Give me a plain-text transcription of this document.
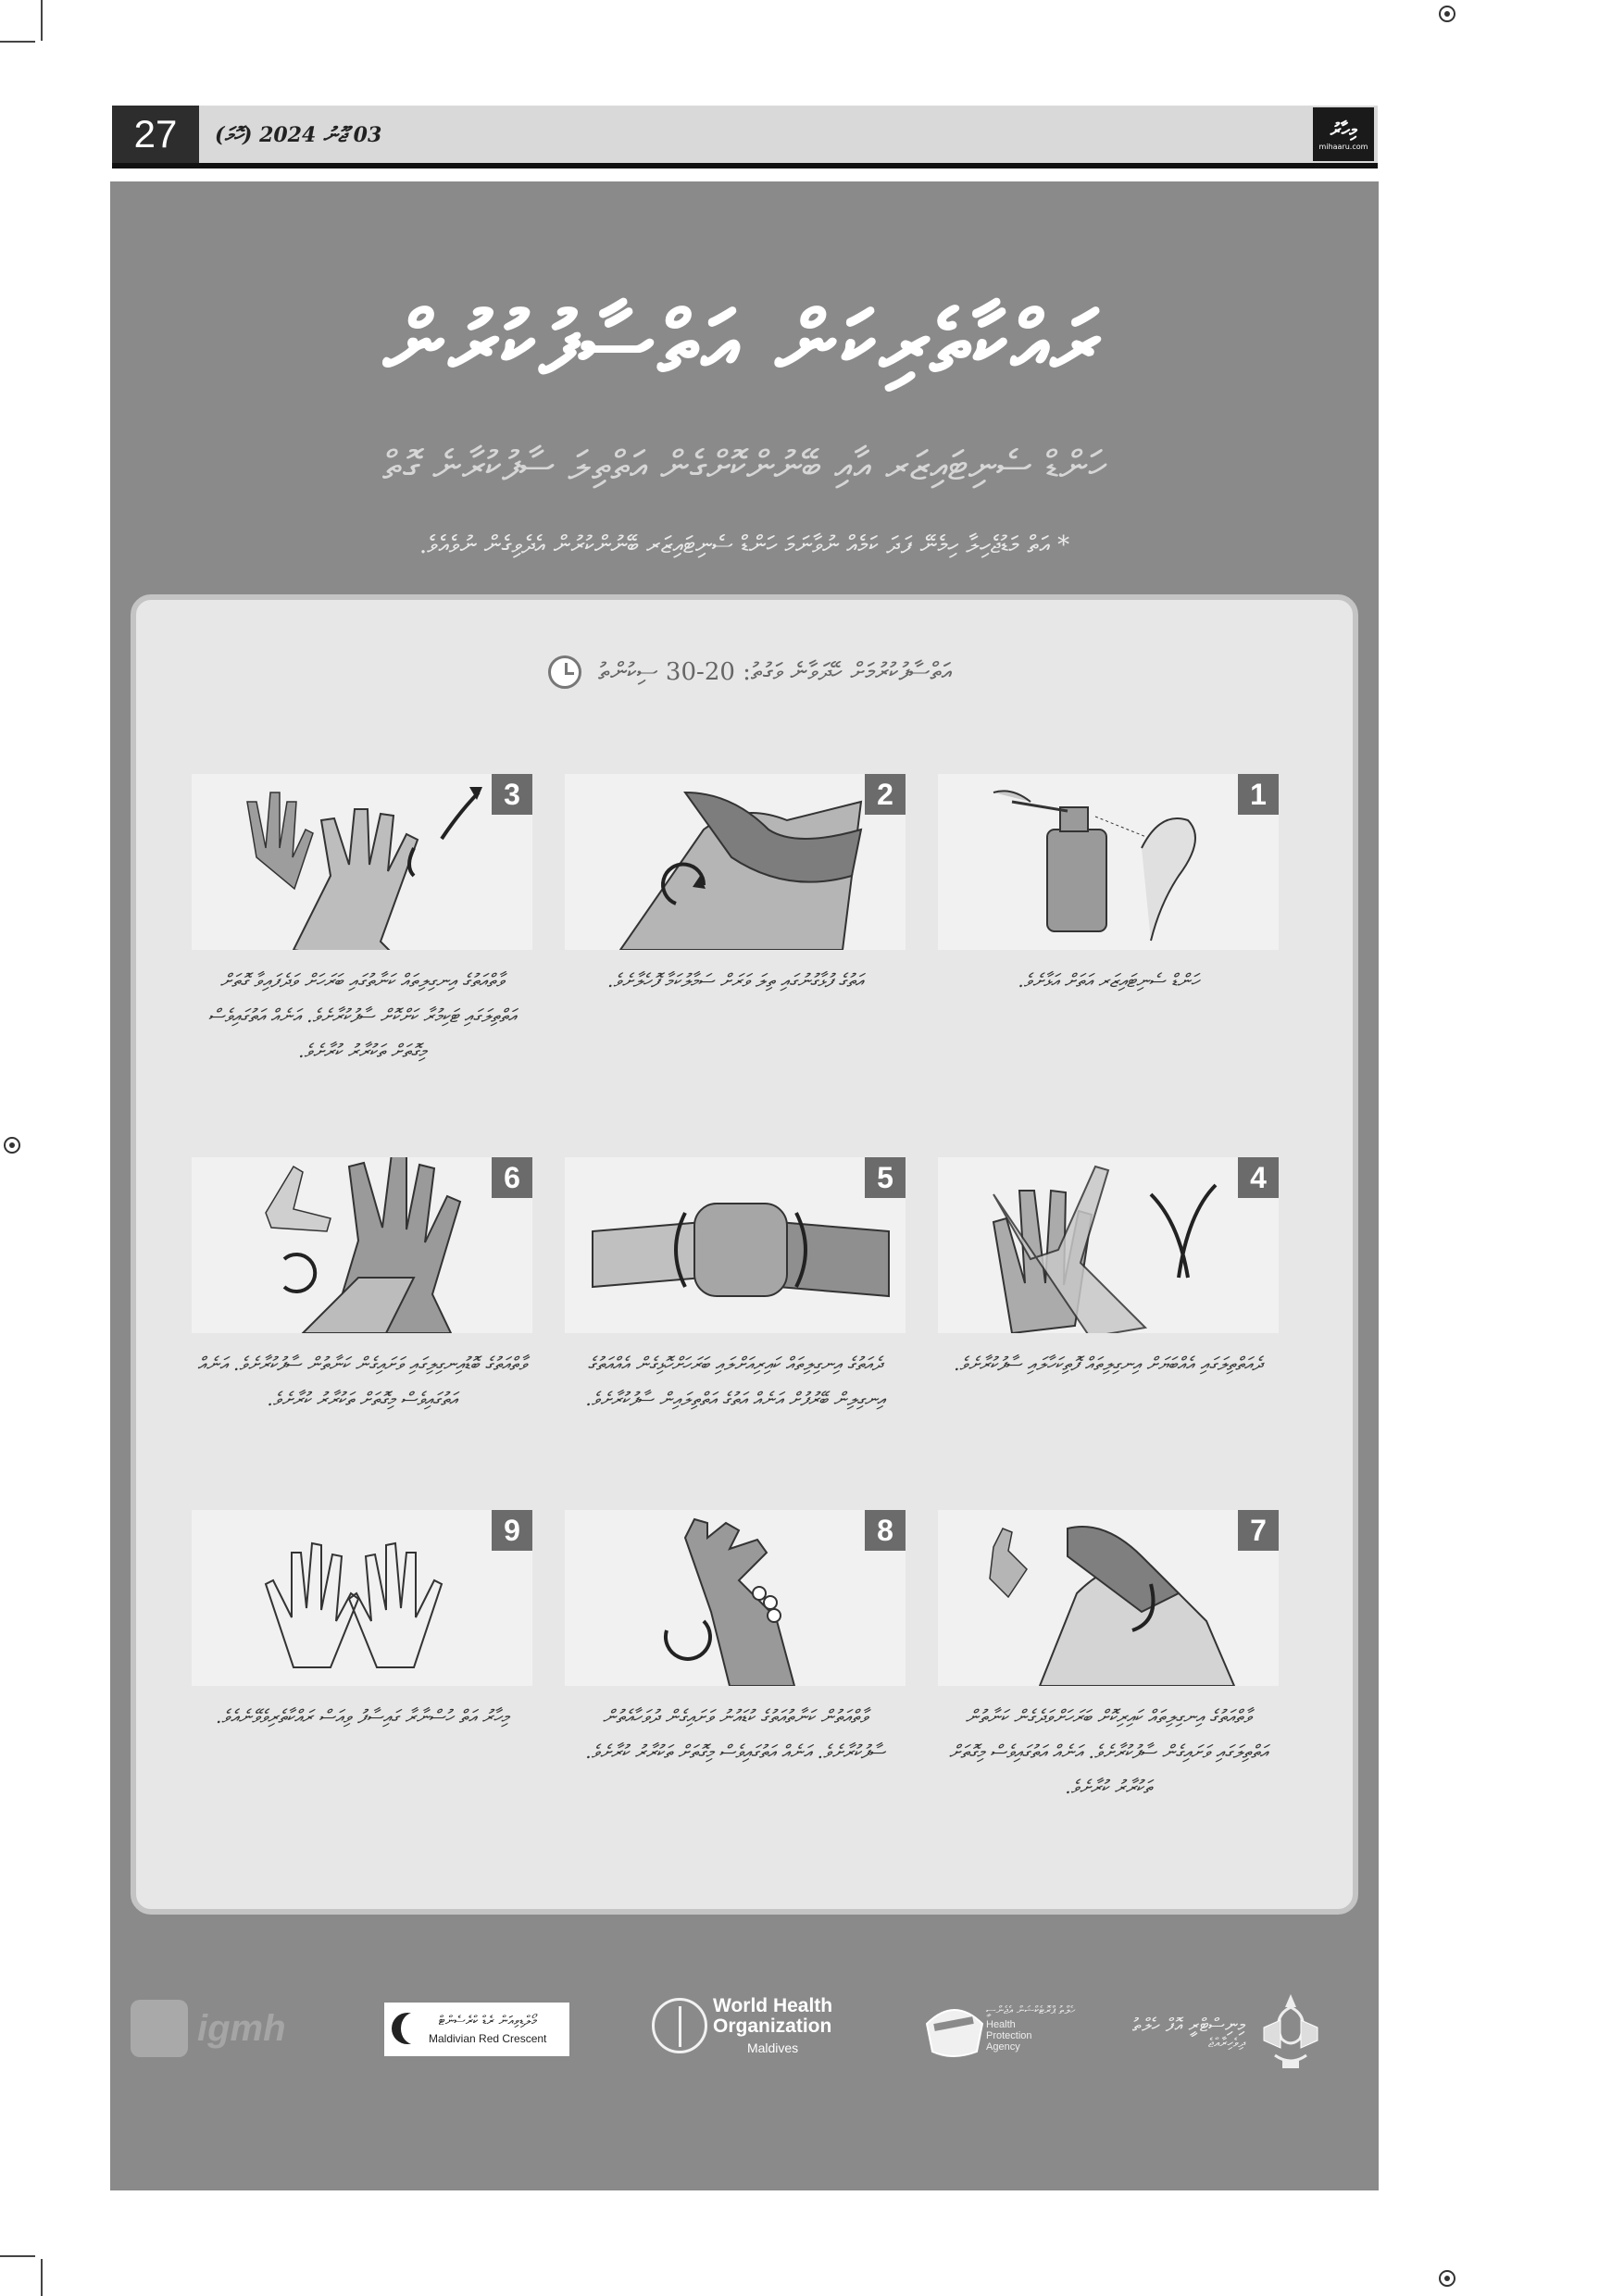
27	03 ޖޫނު 2024 (ހޮމަ)	މިހާރު
mihaaru.com
ރައްކާތެރިކަން އަތްސާފުކުރުން
ހަންޑް ސެނިޓައިޒަރ އާއި ބޭނުންކޮށްގެން އަތްތިލަ ސާފުކުރާނެ ގޮތް
* އަތް މަޑުޖެހިލާ ހިމެނޭ ފަދަ ކަމެއް ނުވާނަމަ ހަންޑް ސެނިޓައިޒަރ ބޭނުންކުރުން އެދެވިގެން ނުވެއެވެ.
އަތްސާފުކުރުމަށް ހޭދަވާނެ ވަގުތު: 20-30 ސިކުންތު
1
ހަންޑް ސެނިޓައިޒަރ އަތަށް އަޅާށެވެ.
2
އަތުގެ ފުޅާގުނުގައި ތިލަ ވަރަށް ސަމާލުކަމާ ފޮހެލާށެވެ.
3
ވާތްއަތުގެ އިނގިލިތައް ކަނާތުގައި ބަރަހަށް ވަދެފައިވާ ގޮތަށް އަތްތިލަގައި ޓަކިމުރާ ކަށްކޮށް ސާފުކުރާށެވެ. އަނެއް އަތުގައިވެސް މިގޮތަށް ތަކުރާރު ކުރާށެވެ.
4
ދެއަތްތިލަގައި އެއްބަޔަށް އިނގިލިތައް ފޮތިކަހާލައި ސާފުކުރާށެވެ.
5
ދެއަތުގެ އިނގިލިތައް ކައިރިއަށްލައި ބަރަހަށްހޮޅިގެން އެއްއަތުގެ އިނގިލިން ބޭރުފުށް އަނެއް އަތުގެ އަތްތިލައިން ސާފުކުރާށެވެ.
6
ވާތްއަތުގެ ބޮޑުއިނގިލިގައި ވަށައިގެން ކަނާތުން ސާފުކުރާށެވެ. އަނެއް އަތުގައިވެސް މިގޮތަށް ތަކުރާރު ކުރާށެވެ.
7
ވާތްއަތުގެ އިނގިލިތައް ކައިރިކޮށް ބަރަހަށްވަދެގެން ކަނާތުން އަތްތިލަގައި ވަށައިގެން ސާފުކުރާށެވެ. އަނެއް އަތުގައިވެސް މިގޮތަށް ތަކުރާރު ކުރާށެވެ.
8
ވާތްއަތުން ކަނާތުއަތުގެ ކުޑައުނު ވަށައިގެން ދުވަހާއެތުން ސާފުކުރާށެވެ. އަނެއް އަތުގައިވެސް މިގޮތަށް ތަކުރާރު ކުރާށެވެ.
9
މިހާރު އަތް ހުސްނާރާ ގައިސާފު ވިއަސް ރައްކާތެރިވެވޭނެއެވެ.
igmh	މޯލްޑިވިއަން ރެޑް ކްރެސެންޓް
Maldivian Red Crescent
World Health
Organization
Maldives
ހެލްތު ޕްރޮޓެކްޝަން އެޖެންސީ
Health
Protection
Agency
މިނިސްޓްރީ އޮފް ހެލްތު
ދިވެހިރާއްޖެ
